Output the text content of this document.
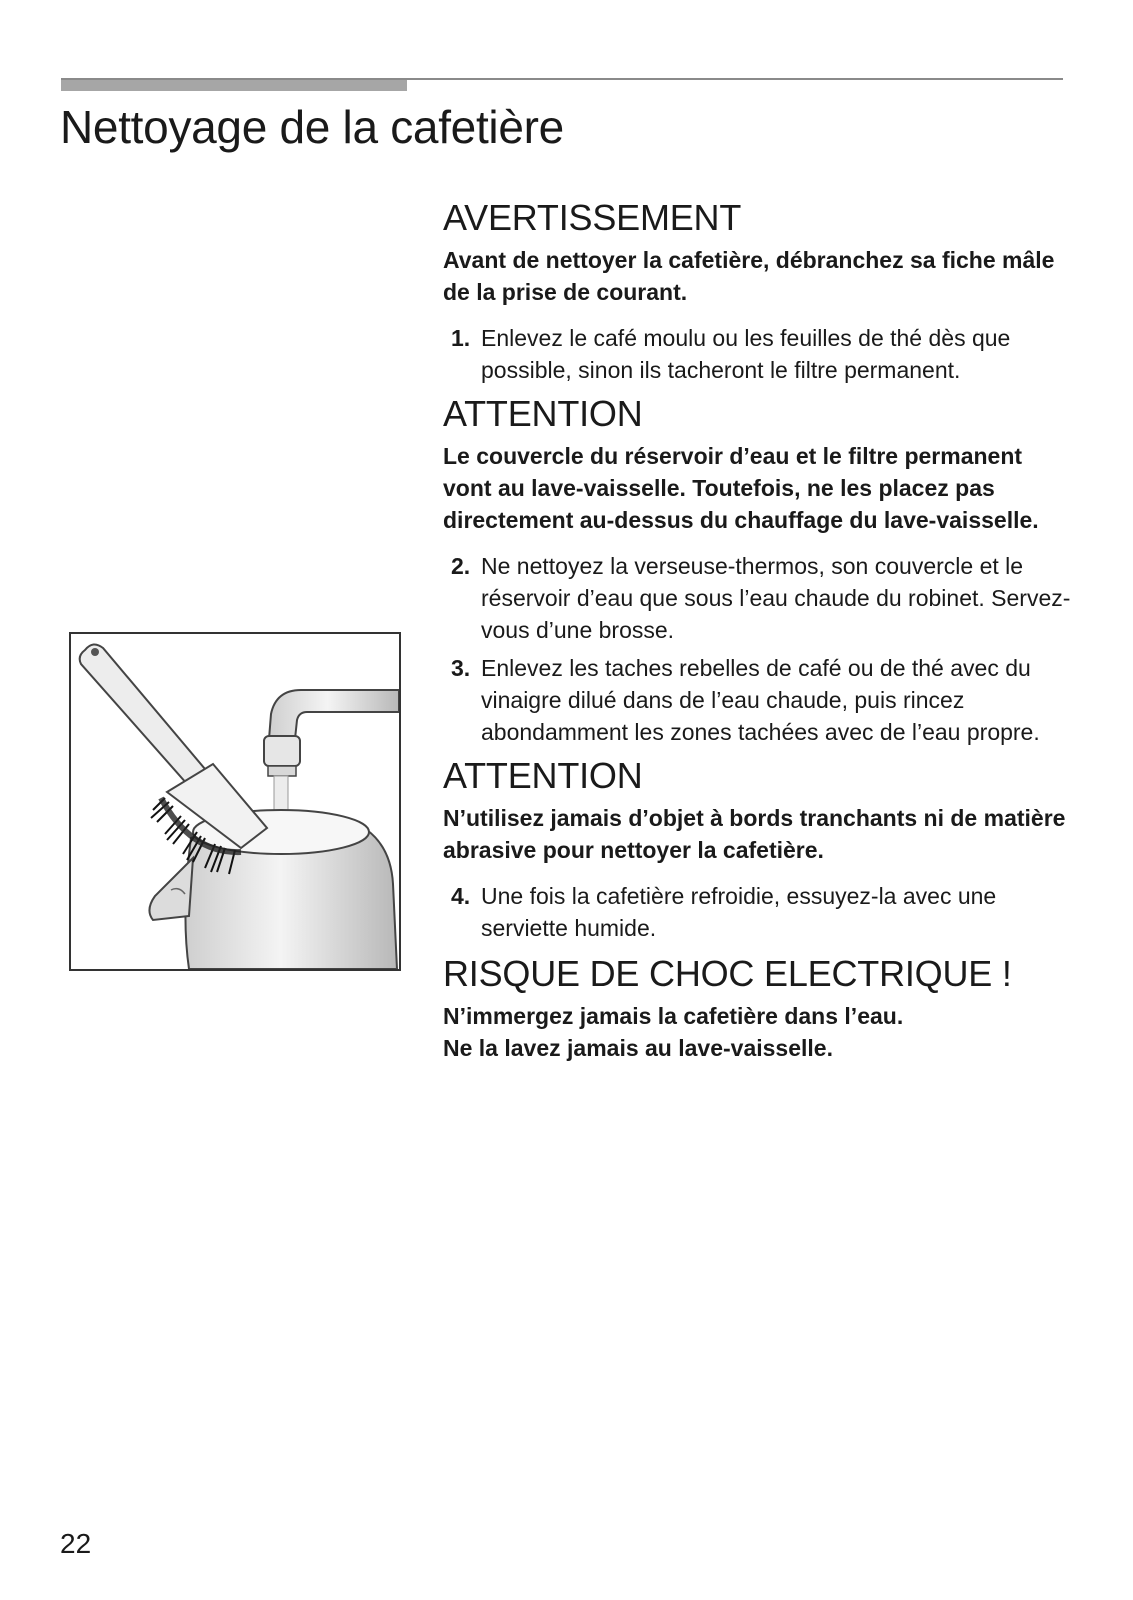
Nettoyage de la cafetière
AVERTISSEMENT

Avant de nettoyer la cafetière, débranchez sa fiche mâle de la prise de courant.

1. Enlevez le café moulu ou les feuilles de thé dès que possible, sinon ils tacheront le filtre permanent.

ATTENTION

Le couvercle du réservoir d’eau et le filtre permanent vont au lave-vaisselle. Toutefois, ne les placez pas directement au-dessus du chauffage du lave-vaisselle.

2. Ne nettoyez la verseuse-thermos, son couvercle et le réservoir d’eau que sous l’eau chaude du robinet. Servez-vous d’une brosse.

3. Enlevez les taches rebelles de café ou de thé avec du vinaigre dilué dans de l’eau chaude, puis rincez abondamment les zones tachées avec de l’eau propre.

ATTENTION

N’utilisez jamais d’objet à bords tranchants ni de matière abrasive pour nettoyer la cafetière.

4. Une fois la cafetière refroidie, essuyez-la avec une serviette humide.

RISQUE DE CHOC ELECTRIQUE !

N’immergez jamais la cafetière dans l’eau.
Ne la lavez jamais au lave-vaisselle.

22
